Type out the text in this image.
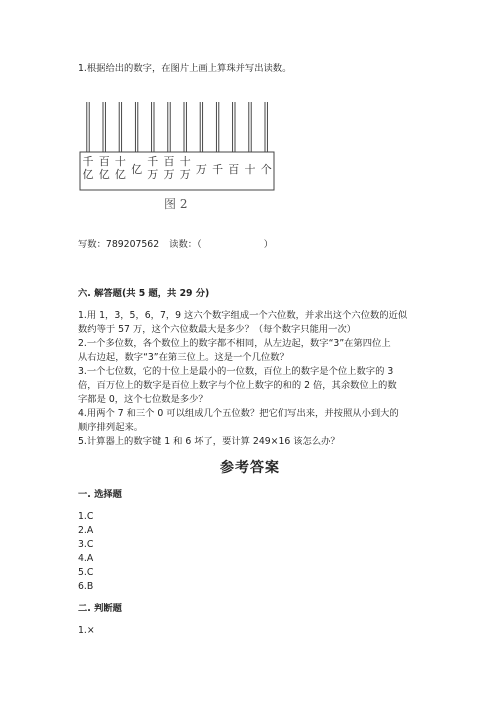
1.根据给出的数字，在图片上画上算珠并写出读数。
千
亿
百
亿
十
亿 亿
千
万
百
万
十
万 万 千 百 十 个
图 2
写数：789207562 读数：（	）
六. 解答题(共 5 题，共 29 分)
1.用 1，3，5，6，7，9 这六个数字组成一个六位数，并求出这个六位数的近似
数约等于 57 万，这个六位数最大是多少？（每个数字只能用一次）
2.一个多位数，各个数位上的数字都不相同，从左边起，数字“3”在第四位上
从右边起，数字“3”在第三位上。这是一个几位数？
3.一个七位数，它的十位上是最小的一位数，百位上的数字是个位上数字的 3
倍，百万位上的数字是百位上数字与个位上数字的和的 2 倍，其余数位上的数
字都是 0，这个七位数是多少？
4.用两个 7 和三个 0 可以组成几个五位数？把它们写出来，并按照从小到大的
顺序排列起来。
5.计算器上的数字键 1 和 6 坏了，要计算 249×16 该怎么办？
参考答案
一. 选择题
1.C
2.A
3.C
4.A
5.C
6.B
二. 判断题
1.×
